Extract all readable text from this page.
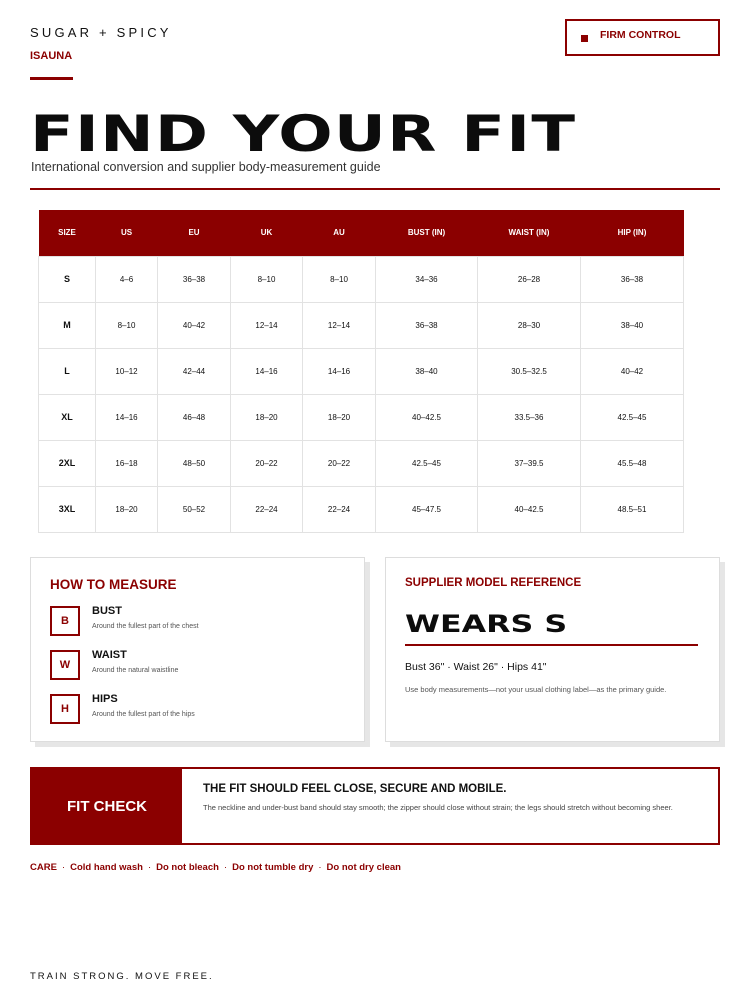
SUGAR + SPICY
ISAUNA
FIRM CONTROL
FIND YOUR FIT
International conversion and supplier body-measurement guide
SIZE	US	EU	UK	AU	BUST (IN)	WAIST (IN)	HIP (IN)
S	4–6	36–38	8–10	8–10	34–36	26–28	36–38
M	8–10	40–42	12–14	12–14	36–38	28–30	38–40
L	10–12	42–44	14–16	14–16	38–40	30.5–32.5	40–42
XL	14–16	46–48	18–20	18–20	40–42.5	33.5–36	42.5–45
2XL	16–18	48–50	20–22	20–22	42.5–45	37–39.5	45.5–48
3XL	18–20	50–52	22–24	22–24	45–47.5	40–42.5	48.5–51
HOW TO MEASURE
B
BUST
Around the fullest part of the chest
W
WAIST
Around the natural waistline
H
HIPS
Around the fullest part of the hips
SUPPLIER MODEL REFERENCE
WEARS S
Bust 36" · Waist 26" · Hips 41"
Use body measurements—not your usual clothing label—as the primary guide.
FIT CHECK
THE FIT SHOULD FEEL CLOSE, SECURE AND MOBILE.
The neckline and under-bust band should stay smooth; the zipper should close without strain; the legs should stretch without becoming sheer.
CARE · Cold hand wash · Do not bleach · Do not tumble dry · Do not dry clean
TRAIN STRONG. MOVE FREE.
